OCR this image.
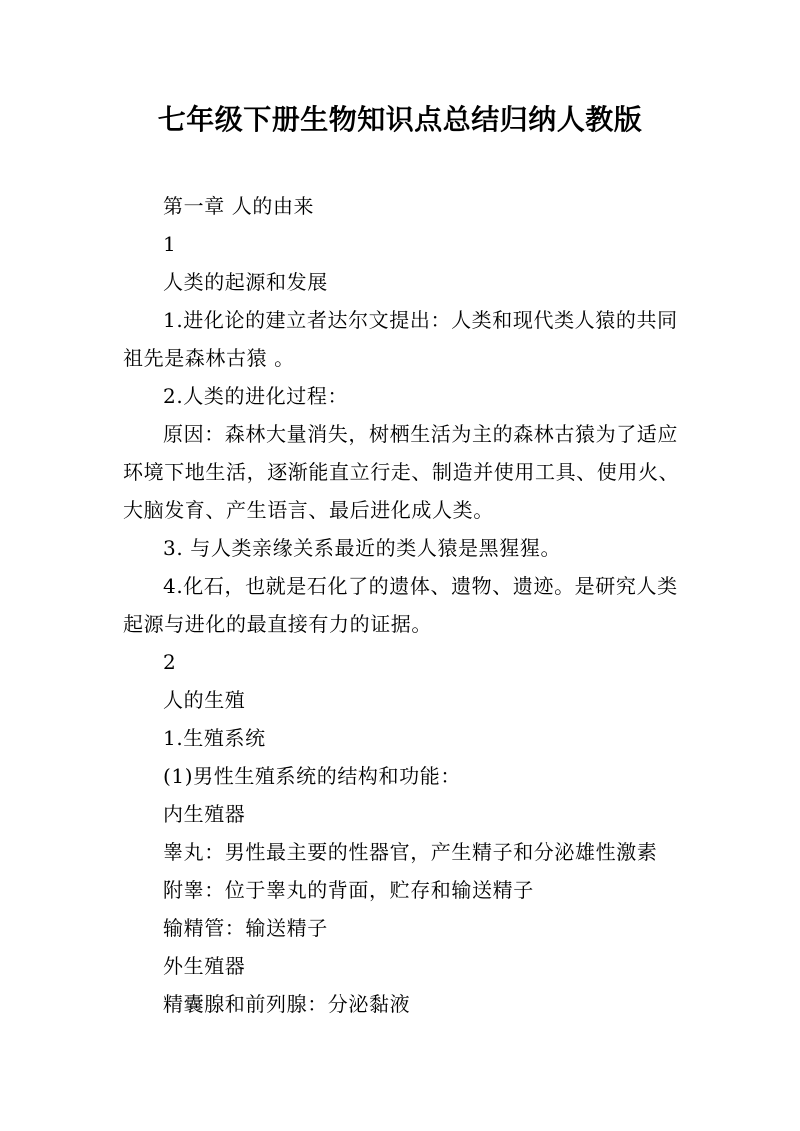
七年级下册生物知识点总结归纳人教版

第一章 人的由来

1

人类的起源和发展

1.进化论的建立者达尔文提出：人类和现代类人猿的共同祖先是森林古猿 。

2.人类的进化过程：

原因：森林大量消失，树栖生活为主的森林古猿为了适应环境下地生活，逐渐能直立行走、制造并使用工具、使用火、大脑发育、产生语言、最后进化成人类。

3. 与人类亲缘关系最近的类人猿是黑猩猩。

4.化石，也就是石化了的遗体、遗物、遗迹。是研究人类起源与进化的最直接有力的证据。

2

人的生殖

1.生殖系统

(1)男性生殖系统的结构和功能：

内生殖器

睾丸：男性最主要的性器官，产生精子和分泌雄性激素

附睾：位于睾丸的背面，贮存和输送精子

输精管：输送精子

外生殖器

精囊腺和前列腺：分泌黏液
